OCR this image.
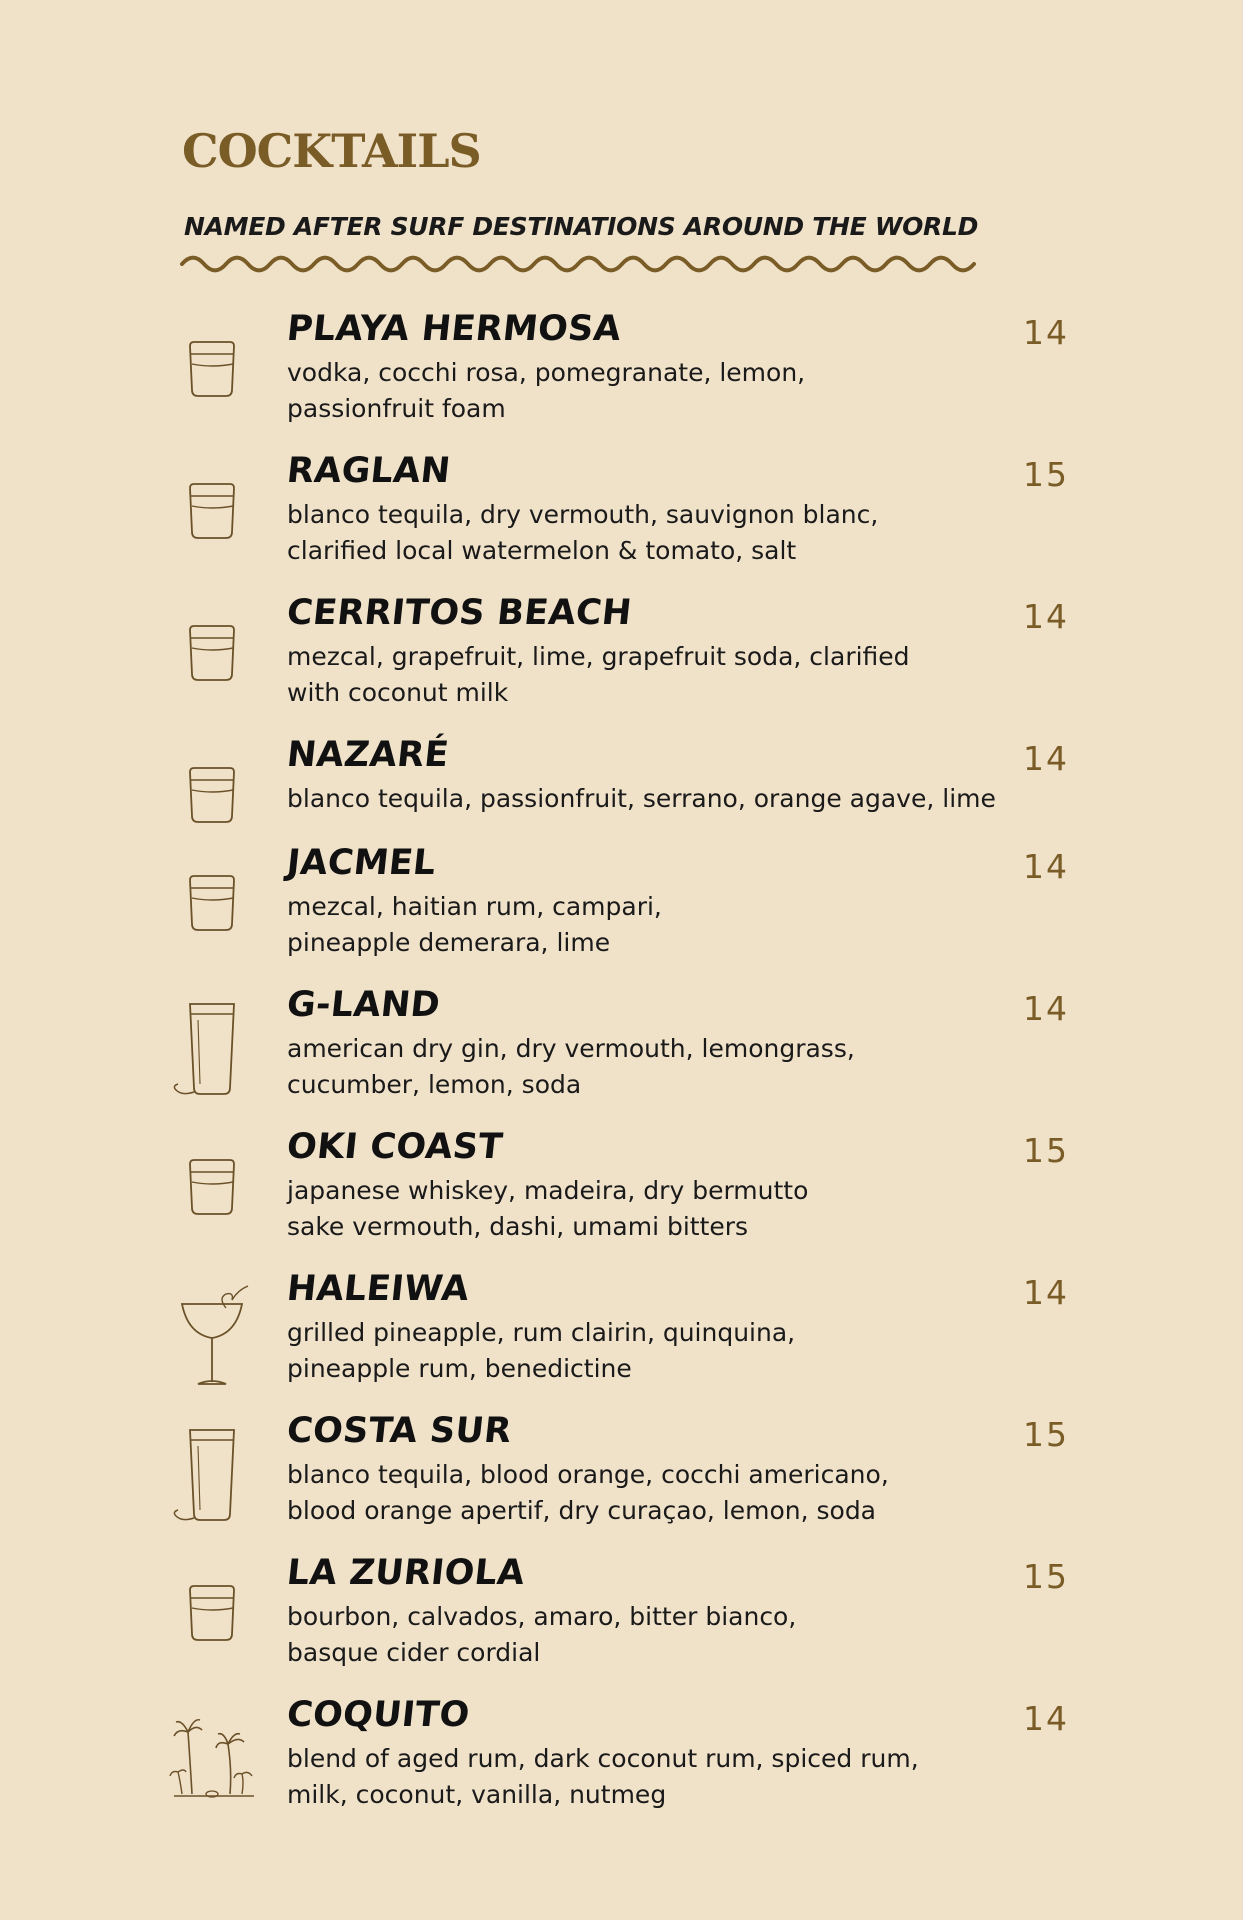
COCKTAILS
NAMED AFTER SURF DESTINATIONS AROUND THE WORLD
PLAYA HERMOSA
vodka, cocchi rosa, pomegranate, lemon,
passionfruit foam
14
RAGLAN
blanco tequila, dry vermouth, sauvignon blanc,
clarified local watermelon & tomato, salt
15
CERRITOS BEACH
mezcal, grapefruit, lime, grapefruit soda, clarified
with coconut milk
14
NAZARÉ
blanco tequila, passionfruit, serrano, orange agave, lime
14
JACMEL
mezcal, haitian rum, campari,
pineapple demerara, lime
14
G-LAND
american dry gin, dry vermouth, lemongrass,
cucumber, lemon, soda
14
OKI COAST
japanese whiskey, madeira, dry bermutto
sake vermouth, dashi, umami bitters
15
HALEIWA
grilled pineapple, rum clairin, quinquina,
pineapple rum, benedictine
14
COSTA SUR
blanco tequila, blood orange, cocchi americano,
blood orange apertif, dry curaçao, lemon, soda
15
LA ZURIOLA
bourbon, calvados, amaro, bitter bianco,
basque cider cordial
15
COQUITO
blend of aged rum, dark coconut rum, spiced rum,
milk, coconut, vanilla, nutmeg
14
